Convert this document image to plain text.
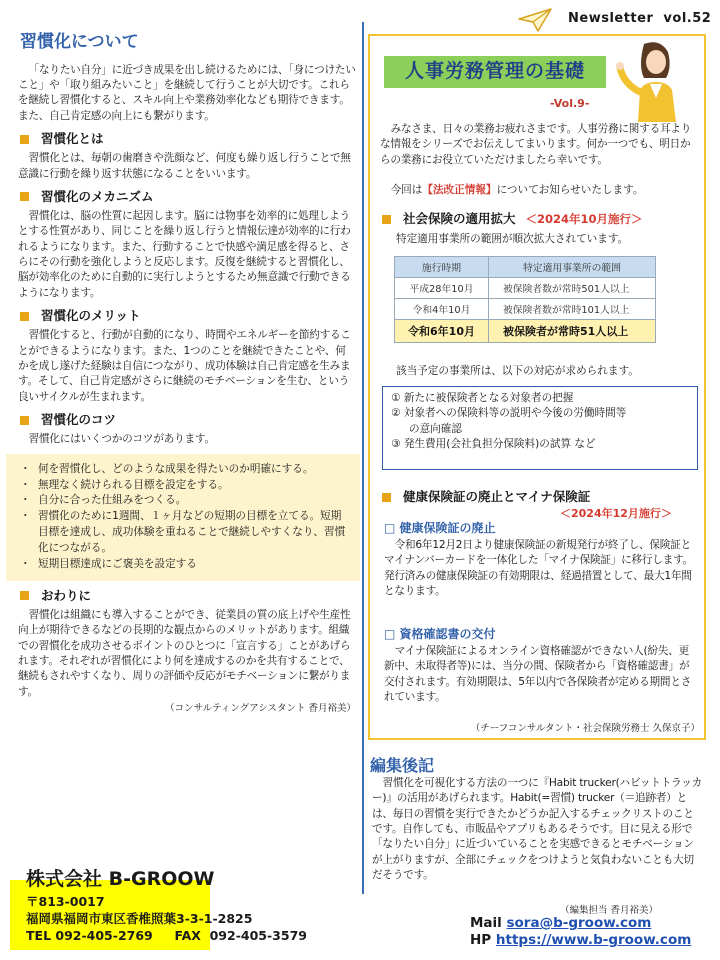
習慣化について

「なりたい自分」に近づき成果を出し続けるためには、「身につけたいこと」や「取り組みたいこと」を継続して行うことが大切です。これらを継続し習慣化すると、スキル向上や業務効率化なども期待できます。また、自己肯定感の向上にも繋がります。

習慣化とは

習慣化とは、毎朝の歯磨きや洗顔など、何度も繰り返し行うことで無意識に行動を繰り返す状態になることをいいます。

習慣化のメカニズム

習慣化は、脳の性質に起因します。脳には物事を効率的に処理しようとする性質があり、同じことを繰り返し行うと情報伝達が効率的に行われるようになります。また、行動することで快感や満足感を得ると、さらにその行動を強化しようと反応します。反復を継続すると習慣化し、脳が効率化のために自動的に実行しようとするため無意識で行動できるようになります。

習慣化のメリット

習慣化すると、行動が自動的になり、時間やエネルギーを節約することができるようになります。また、1つのことを継続できたことや、何かを成し遂げた経験は自信につながり、成功体験は自己肯定感を生みます。そして、自己肯定感がさらに継続のモチベーションを生む、という良いサイクルが生まれます。

習慣化のコツ

習慣化にはいくつかのコツがあります。

・ 何を習慣化し、どのような成果を得たいのか明確にする。
・ 無理なく続けられる目標を設定をする。
・ 自分に合った仕組みをつくる。
・ 習慣化のために1週間、１ヶ月などの短期の目標を立てる。短期目標を達成し、成功体験を重ねることで継続しやすくなり、習慣化につながる。
・ 短期目標達成にご褒美を設定する
おわりに

習慣化は組織にも導入することができ、従業員の質の底上げや生産性向上が期待できるなどの長期的な観点からのメリットがあります。組織での習慣化を成功させるポイントのひとつに「宣言する」ことがあげられます。それぞれが習慣化により何を達成するのかを共有することで、継続もされやすくなり、周りの評価や反応がモチベーションに繋がります。

（コンサルティングアシスタント 香月裕美）
株式会社 B-GROOW
〒813-0017
福岡県福岡市東区香椎照葉3-3-1-2825
TEL 092-405-2769     FAX  092-405-3579
Newsletter  vol.52
人事労務管理の基礎
-Vol.9-

みなさま、日々の業務お疲れさまです。人事労務に関する耳よりな情報をシリーズでお伝えしてまいります。何か一つでも、明日からの業務にお役立ていただけましたら幸いです。

今回は【法改正情報】についてお知らせいたします。

社会保険の適用拡大 ＜2024年10月施行＞

特定適用事業所の範囲が順次拡大されています。

施行時期	特定適用事業所の範囲
平成28年10月	被保険者数が常時501人以上
令和4年10月	被保険者数が常時101人以上
令和6年10月	被保険者が常時51人以上

該当予定の事業所は、以下の対応が求められます。

① 新たに被保険者となる対象者の把握
② 対象者への保険料等の説明や今後の労働時間等
の意向確認
③ 発生費用(会社負担分保険料)の試算 など
健康保険証の廃止とマイナ保険証
＜2024年12月施行＞
□ 健康保険証の廃止

令和6年12月2日より健康保険証の新規発行が終了し、保険証とマイナンバーカードを一体化した「マイナ保険証」に移行します。発行済みの健康保険証の有効期限は、経過措置として、最大1年間となります。

□ 資格確認書の交付

マイナ保険証によるオンライン資格確認ができない人(紛失、更新中、未取得者等)には、当分の間、保険者から「資格確認書」が交付されます。有効期限は、5年以内で各保険者が定める期間とされています。

（チーフコンサルタント・社会保険労務士 久保京子）
編集後記

習慣化を可視化する方法の一つに『Habit trucker(ハビットトラッカー)』の活用があげられます。Habit(=習慣) trucker（＝追跡者）とは、毎日の習慣を実行できたかどうか記入するチェックリストのことです。自作しても、市販品やアプリもあるそうです。目に見える形で「なりたい自分」に近づいていることを実感できるとモチベーションが上がりますが、全部にチェックをつけようと気負わないことも大切だそうです。

（編集担当 香月裕美）
Mail sora@b-groow.com
HP https://www.b-groow.com
